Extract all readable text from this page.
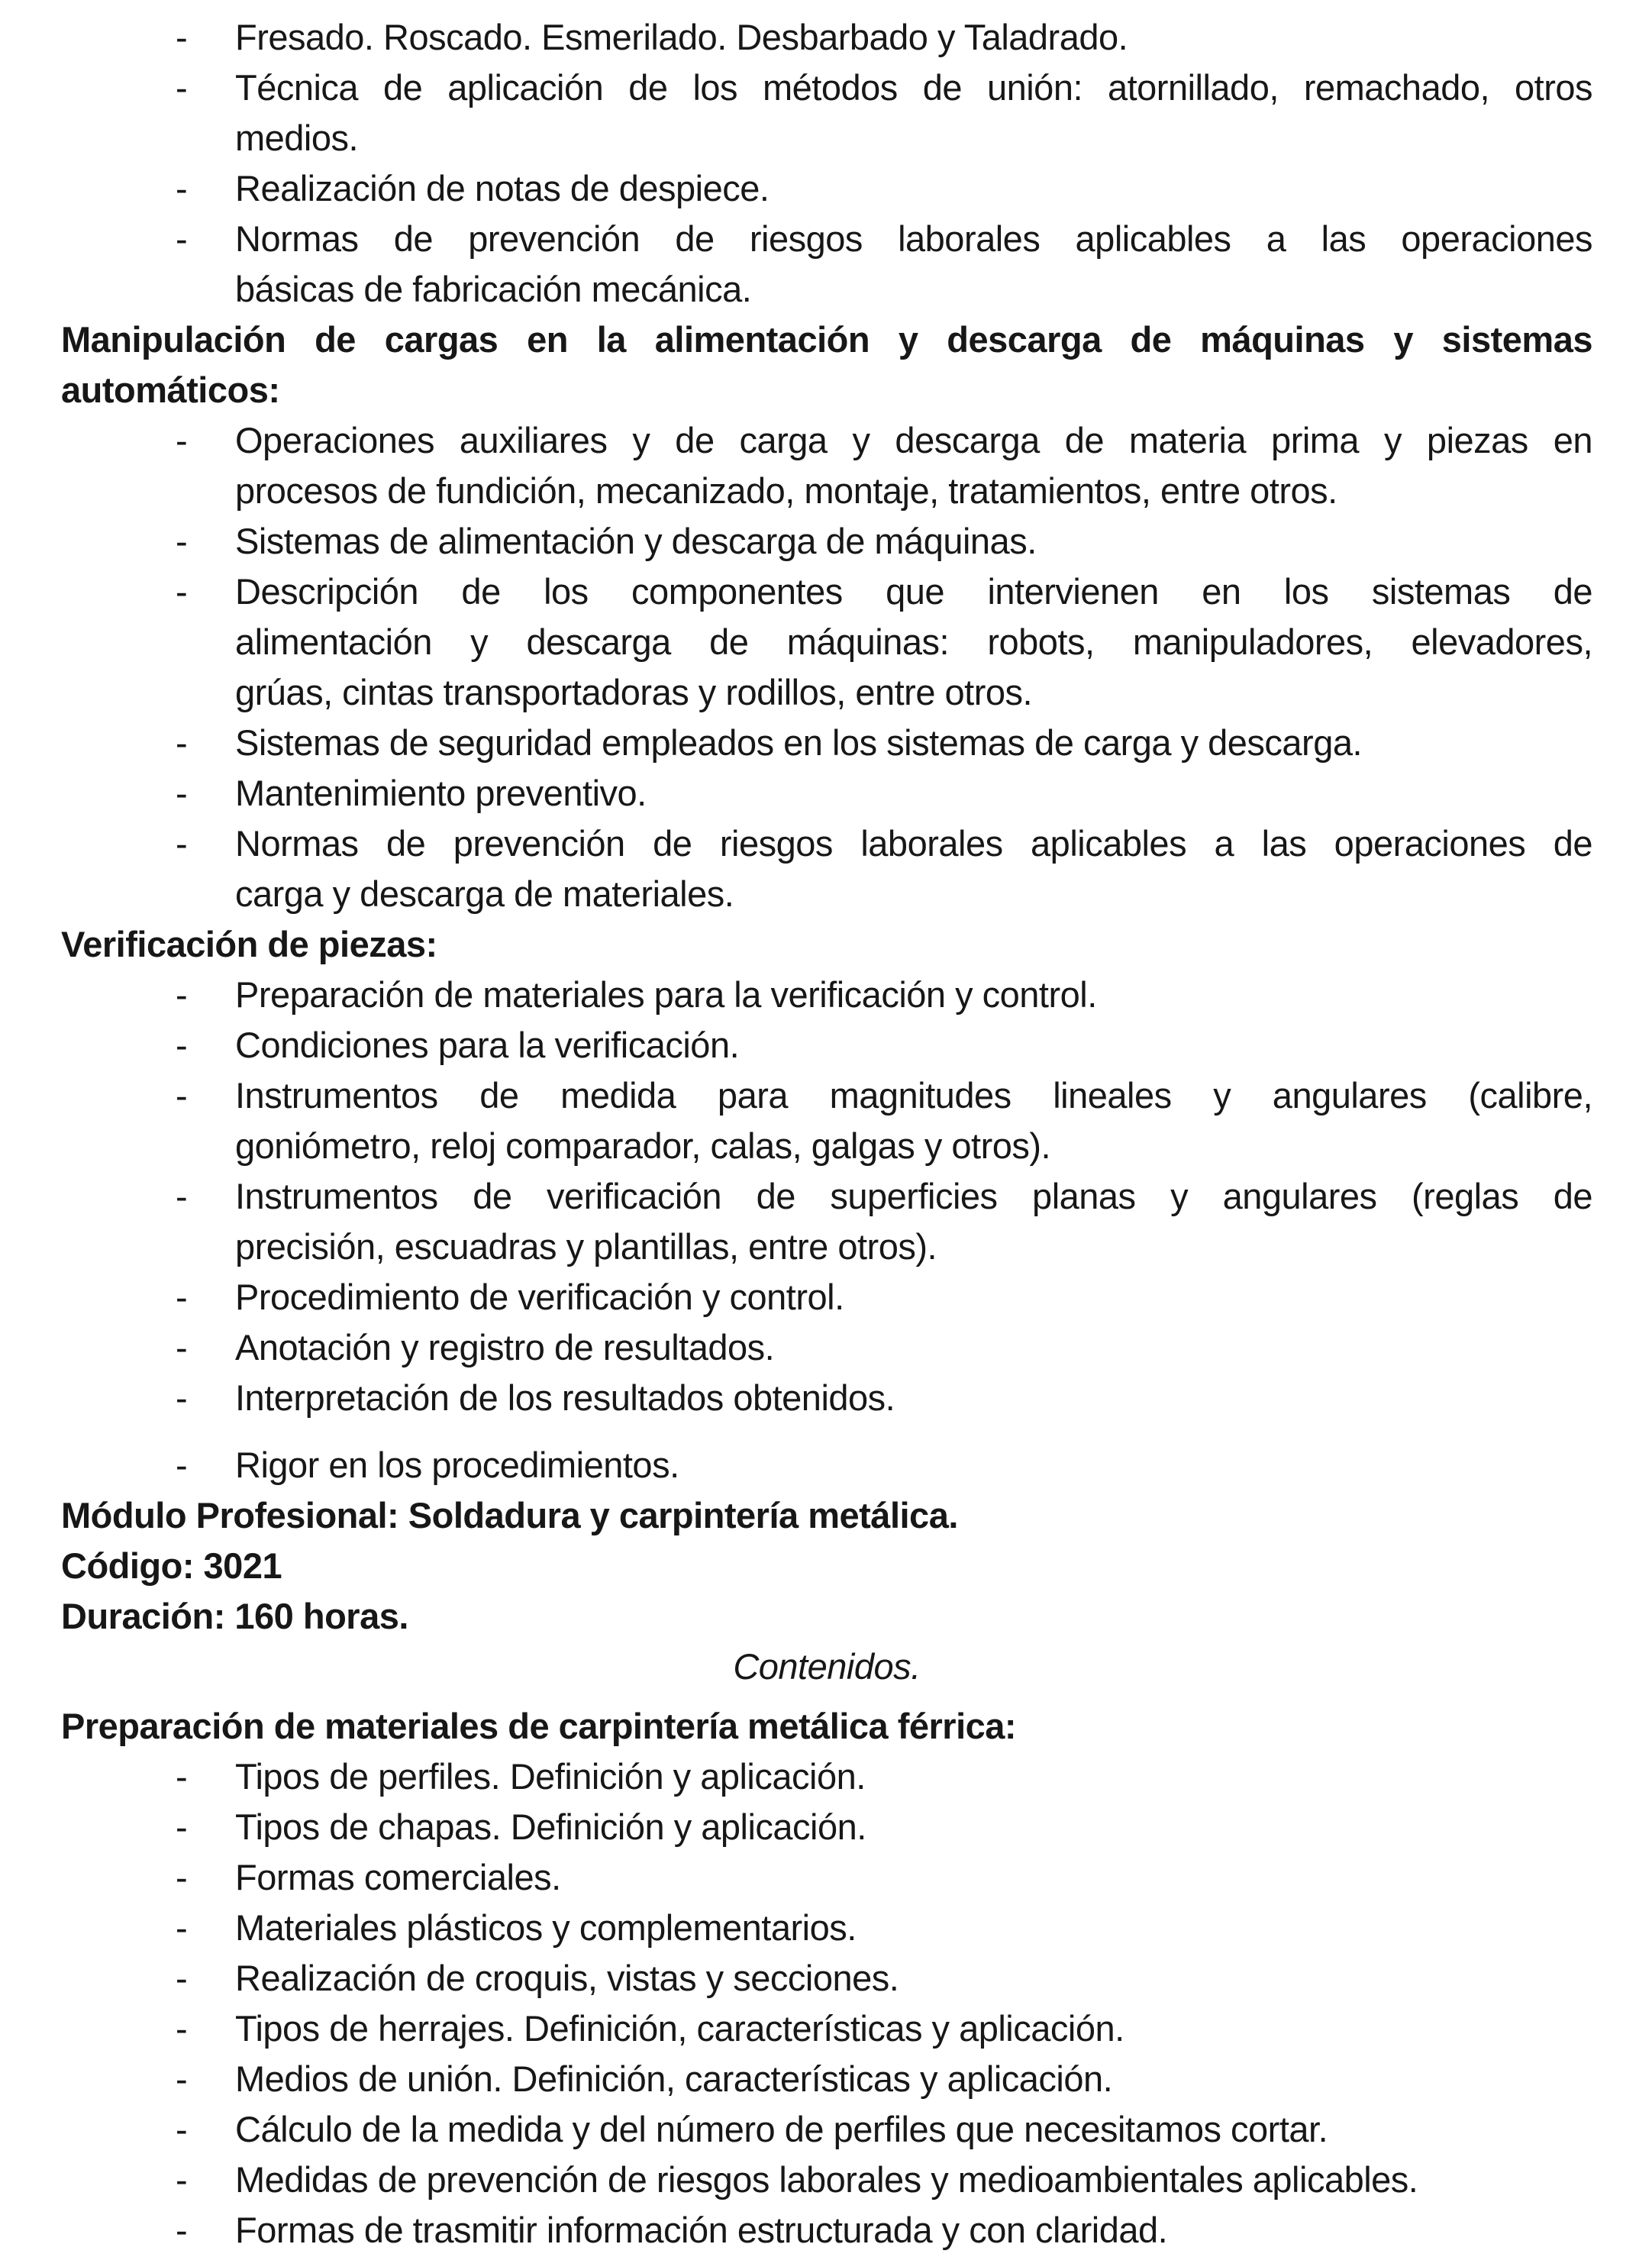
- Fresado. Roscado. Esmerilado. Desbarbado y Taladrado.
- Técnica de aplicación de los métodos de unión: atornillado, remachado, otros
medios.
- Realización de notas de despiece.
- Normas de prevención de riesgos laborales aplicables a las operaciones
básicas de fabricación mecánica.
Manipulación de cargas en la alimentación y descarga de máquinas y sistemas
automáticos:
- Operaciones auxiliares y de carga y descarga de materia prima y piezas en
procesos de fundición, mecanizado, montaje, tratamientos, entre otros.
- Sistemas de alimentación y descarga de máquinas.
- Descripción de los componentes que intervienen en los sistemas de
alimentación y descarga de máquinas: robots, manipuladores, elevadores,
grúas, cintas transportadoras y rodillos, entre otros.
- Sistemas de seguridad empleados en los sistemas de carga y descarga.
- Mantenimiento preventivo.
- Normas de prevención de riesgos laborales aplicables a las operaciones de
carga y descarga de materiales.
Verificación de piezas:
- Preparación de materiales para la verificación y control.
- Condiciones para la verificación.
- Instrumentos de medida para magnitudes lineales y angulares (calibre,
goniómetro, reloj comparador, calas, galgas y otros).
- Instrumentos de verificación de superficies planas y angulares (reglas de
precisión, escuadras y plantillas, entre otros).
- Procedimiento de verificación y control.
- Anotación y registro de resultados.
- Interpretación de los resultados obtenidos.
- Rigor en los procedimientos.
Módulo Profesional: Soldadura y carpintería metálica.
Código: 3021
Duración: 160 horas.
Contenidos.
Preparación de materiales de carpintería metálica férrica:
- Tipos de perfiles. Definición y aplicación.
- Tipos de chapas. Definición y aplicación.
- Formas comerciales.
- Materiales plásticos y complementarios.
- Realización de croquis, vistas y secciones.
- Tipos de herrajes. Definición, características y aplicación.
- Medios de unión. Definición, características y aplicación.
- Cálculo de la medida y del número de perfiles que necesitamos cortar.
- Medidas de prevención de riesgos laborales y medioambientales aplicables.
- Formas de trasmitir información estructurada y con claridad.
